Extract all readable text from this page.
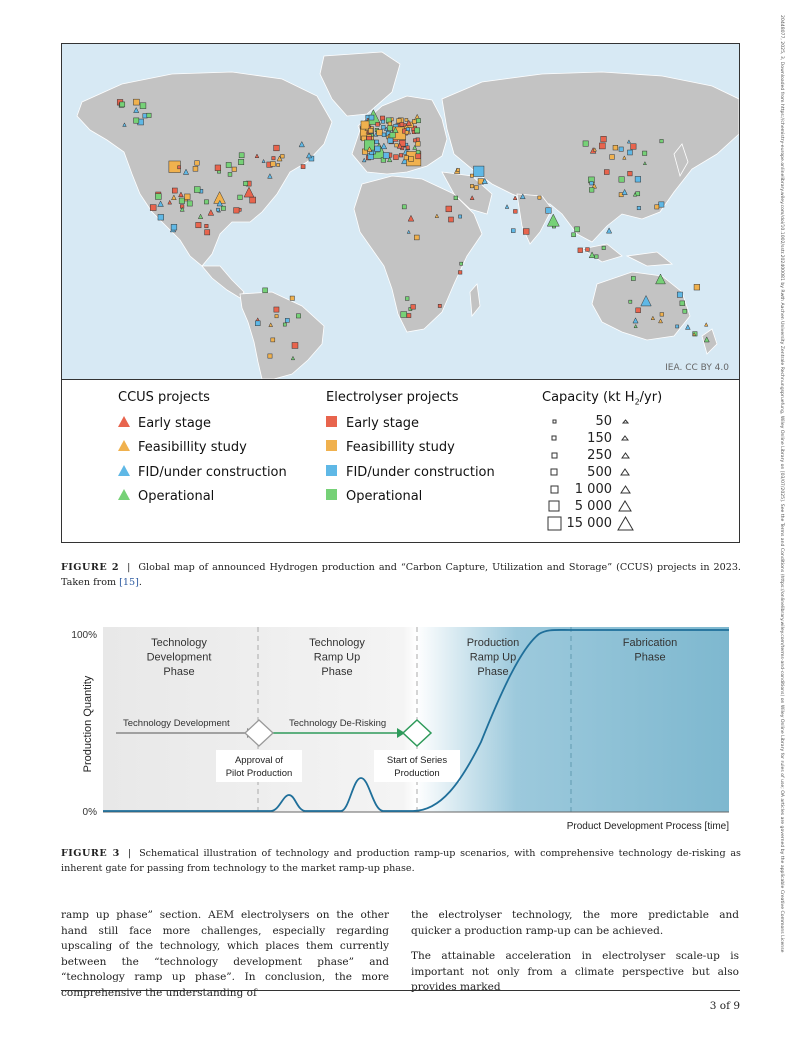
20448077, 2025, 3, Downloaded from https://chemistry-europe.onlinelibrary.wiley.com/doi/10.1002/sstr.202400081 by Rwth Aachen University Zentrale Rechnungspruefung, Wiley Online Library on [03/07/2025]. See the Terms and Conditions (https://onlinelibrary.wiley.com/terms-and-conditions) on Wiley Online Library for rules of use; OA articles are governed by the applicable Creative Commons License
IEA. CC BY 4.0
CCUS projects
Early stage
Feasibillity study
FID/under construction
Operational
Electrolyser projects
Early stage
Feasibillity study
FID/under construction
Operational
Capacity (kt $H_2/yr$)
50
150
250
500
1 000
5 000
15 000
FIGURE 2 | Global map of announced Hydrogen production and “Carbon Capture, Utilization and Storage” (CCUS) projects in 2023. Taken from [15].
100%
0%
Production Quantity
Product Development Process [time]
Technology
Development
Phase
Technology
Ramp Up
Phase
Production
Ramp Up
Phase
Fabrication
Phase
Technology Development	Technology De-Risking
Approval of
Pilot Production
Start of Series
Production
FIGURE 3 | Schematical illustration of technology and production ramp-up scenarios, with comprehensive technology de-risking as inherent gate for passing from technology to the market ramp-up phase.

ramp up phase” section. AEM electrolysers on the other hand still face more challenges, especially regarding upscaling of the technology, which places them currently between the “technology development phase” and “technology ramp up phase”. In conclusion, the more comprehensive the understanding of

the electrolyser technology, the more predictable and quicker a production ramp-up can be achieved.

The attainable acceleration in electrolyser scale-up is important not only from a climate perspective but also provides marked

3 of 9
